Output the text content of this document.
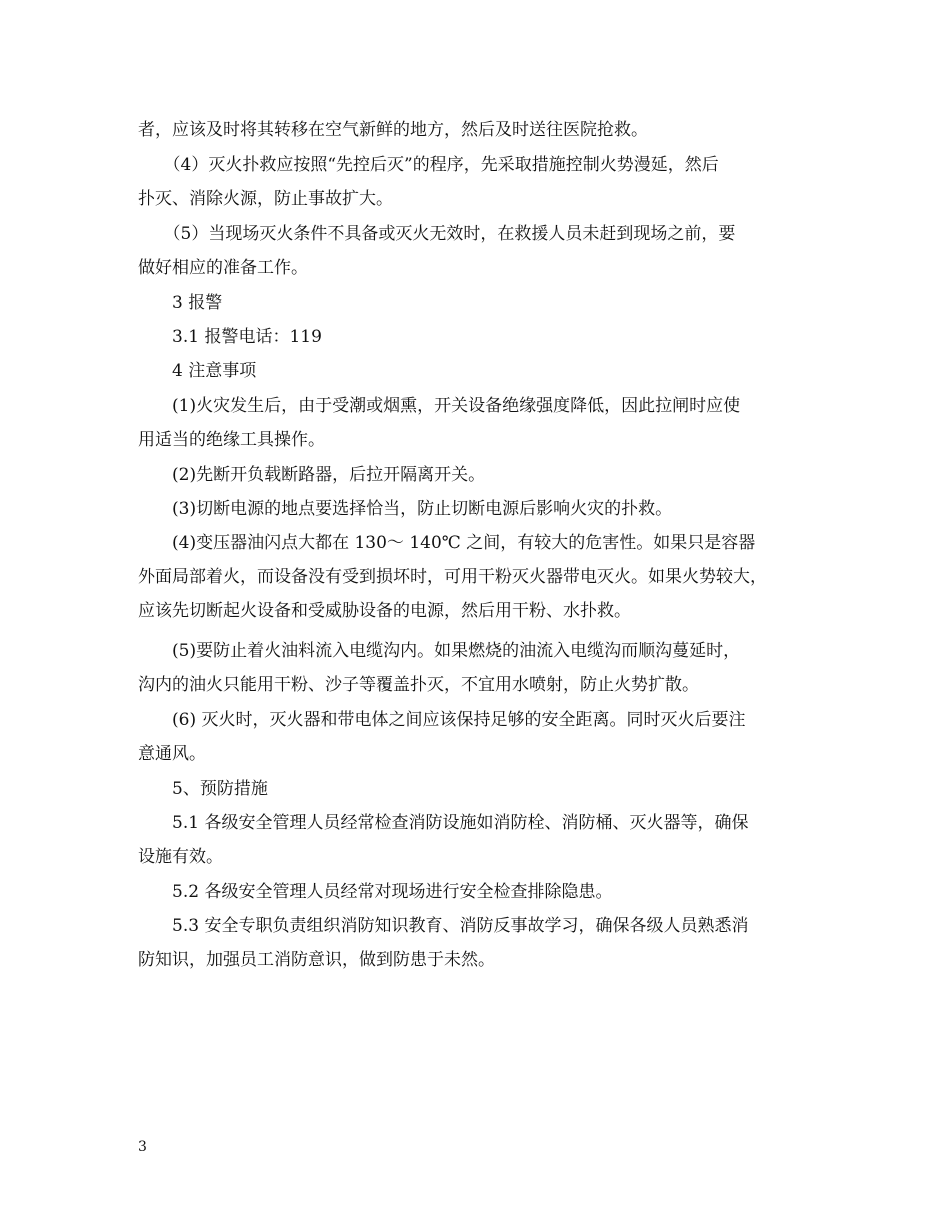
者，应该及时将其转移在空气新鲜的地方，然后及时送往医院抢救。
　　（4）灭火扑救应按照“先控后灭”的程序，先采取措施控制火势漫延，然后
扑灭、消除火源，防止事故扩大。
　　（5）当现场灭火条件不具备或灭火无效时，在救援人员未赶到现场之前，要
做好相应的准备工作。
　　3 报警
　　3.1 报警电话：119
　　4 注意事项
　　(1)火灾发生后，由于受潮或烟熏，开关设备绝缘强度降低，因此拉闸时应使
用适当的绝缘工具操作。
　　(2)先断开负载断路器，后拉开隔离开关。
　　(3)切断电源的地点要选择恰当，防止切断电源后影响火灾的扑救。
　　(4)变压器油闪点大都在 130～ 140℃ 之间，有较大的危害性。如果只是容器
外面局部着火，而设备没有受到损坏时，可用干粉灭火器带电灭火。如果火势较大，
应该先切断起火设备和受威胁设备的电源，然后用干粉、水扑救。
　　(5)要防止着火油料流入电缆沟内。如果燃烧的油流入电缆沟而顺沟蔓延时，
沟内的油火只能用干粉、沙子等覆盖扑灭，不宜用水喷射，防止火势扩散。
　　(6) 灭火时，灭火器和带电体之间应该保持足够的安全距离。同时灭火后要注
意通风。
　　5、预防措施
　　5.1 各级安全管理人员经常检查消防设施如消防栓、消防桶、灭火器等，确保
设施有效。
　　5.2 各级安全管理人员经常对现场进行安全检查排除隐患。
　　5.3 安全专职负责组织消防知识教育、消防反事故学习，确保各级人员熟悉消
防知识，加强员工消防意识，做到防患于未然。
3
